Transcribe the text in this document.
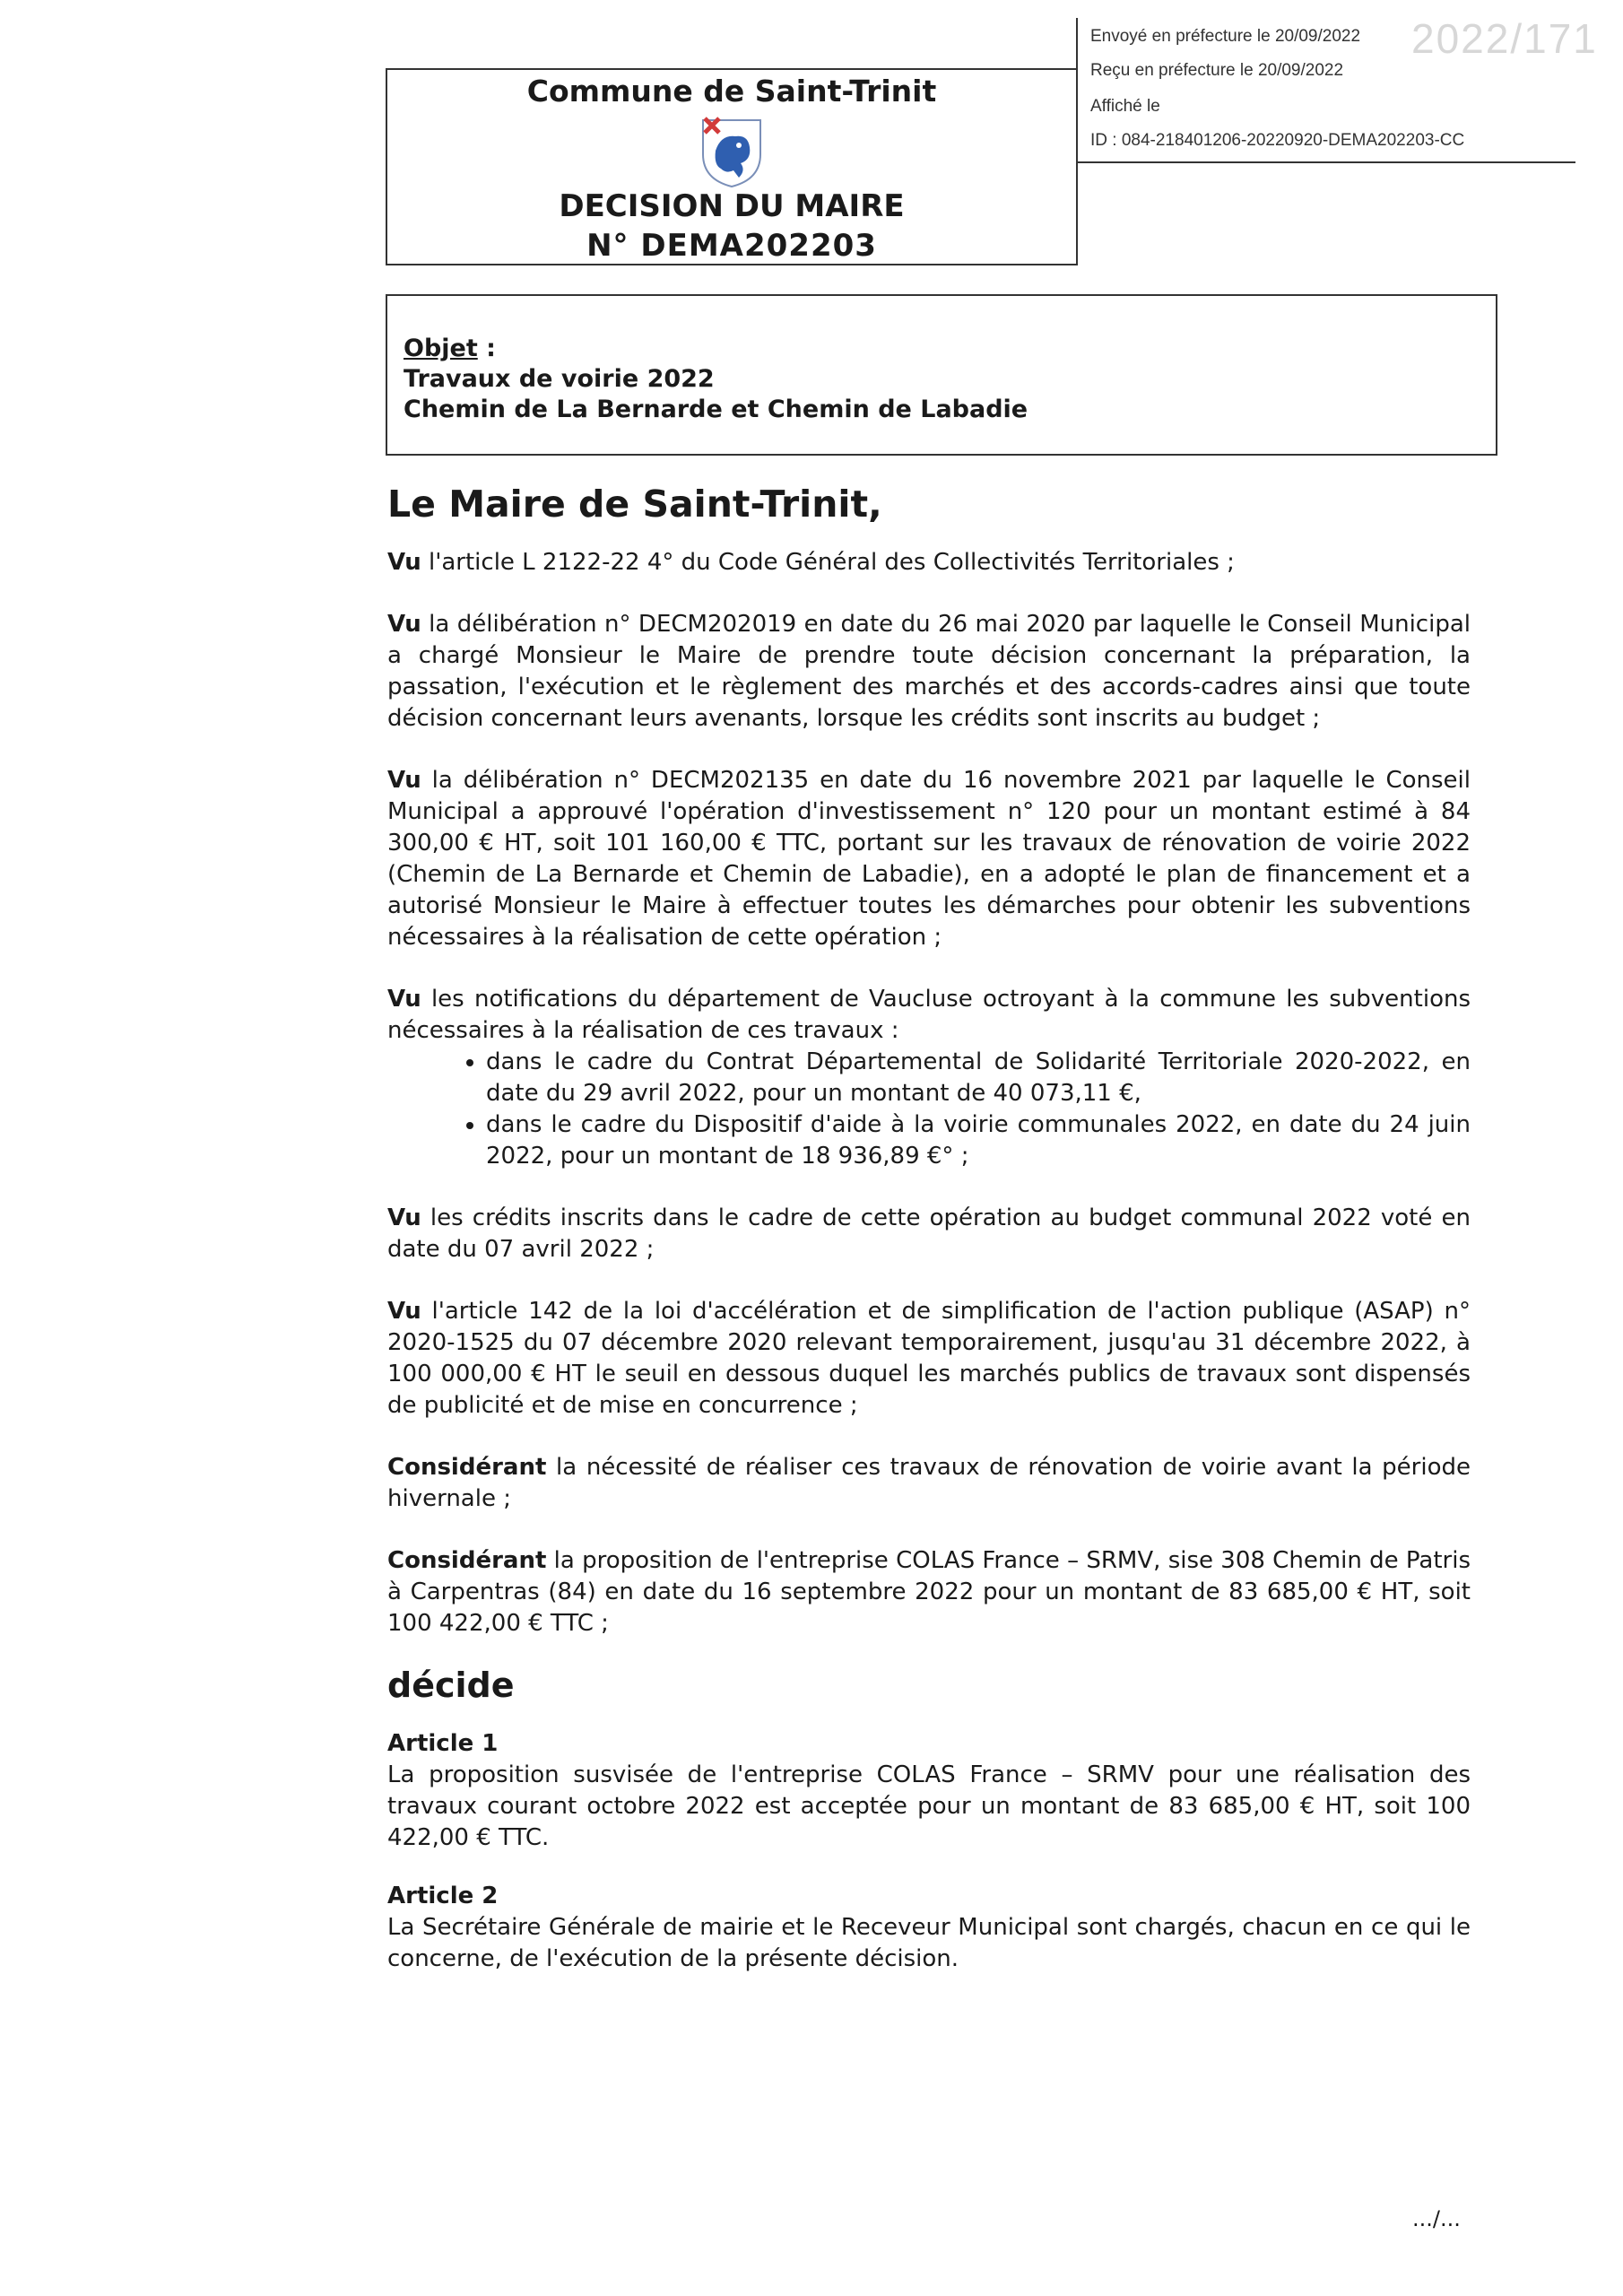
Envoyé en préfecture le 20/09/2022
Reçu en préfecture le 20/09/2022
Affiché le
ID : 084-218401206-20220920-DEMA202203-CC
2022/171
Commune de Saint-Trinit
DECISION DU MAIRE
N° DEMA202203
Objet :
Travaux de voirie 2022
Chemin de La Bernarde et Chemin de Labadie
Le Maire de Saint-Trinit,

Vu l'article L 2122-22 4° du Code Général des Collectivités Territoriales ;

Vu la délibération n° DECM202019 en date du 26 mai 2020 par laquelle le Conseil Municipal a chargé Monsieur le Maire de prendre toute décision concernant la préparation, la passation, l'exécution et le règlement des marchés et des accords-cadres ainsi que toute décision concernant leurs avenants, lorsque les crédits sont inscrits au budget ;

Vu la délibération n° DECM202135 en date du 16 novembre 2021 par laquelle le Conseil Municipal a approuvé l'opération d'investissement n° 120 pour un montant estimé à 84 300,00 € HT, soit 101 160,00 € TTC, portant sur les travaux de rénovation de voirie 2022 (Chemin de La Bernarde et Chemin de Labadie), en a adopté le plan de financement et a autorisé Monsieur le Maire à effectuer toutes les démarches pour obtenir les subventions nécessaires à la réalisation de cette opération ;

Vu les notifications du département de Vaucluse octroyant à la commune les subventions nécessaires à la réalisation de ces travaux :

• dans le cadre du Contrat Départemental de Solidarité Territoriale 2020-2022, en date du 29 avril 2022, pour un montant de 40 073,11 €,
• dans le cadre du Dispositif d'aide à la voirie communales 2022, en date du 24 juin 2022, pour un montant de 18 936,89 €° ;

Vu les crédits inscrits dans le cadre de cette opération au budget communal 2022 voté en date du 07 avril 2022 ;

Vu l'article 142 de la loi d'accélération et de simplification de l'action publique (ASAP) n° 2020-1525 du 07 décembre 2020 relevant temporairement, jusqu'au 31 décembre 2022, à 100 000,00 € HT le seuil en dessous duquel les marchés publics de travaux sont dispensés de publicité et de mise en concurrence ;

Considérant la nécessité de réaliser ces travaux de rénovation de voirie avant la période hivernale ;

Considérant la proposition de l'entreprise COLAS France – SRMV, sise 308 Chemin de Patris à Carpentras (84) en date du 16 septembre 2022 pour un montant de 83 685,00 € HT, soit 100 422,00 € TTC ;

décide

Article 1

La proposition susvisée de l'entreprise COLAS France – SRMV pour une réalisation des travaux courant octobre 2022 est acceptée pour un montant de 83 685,00 € HT, soit 100 422,00 € TTC.

Article 2

La Secrétaire Générale de mairie et le Receveur Municipal sont chargés, chacun en ce qui le concerne, de l'exécution de la présente décision.

.../...
